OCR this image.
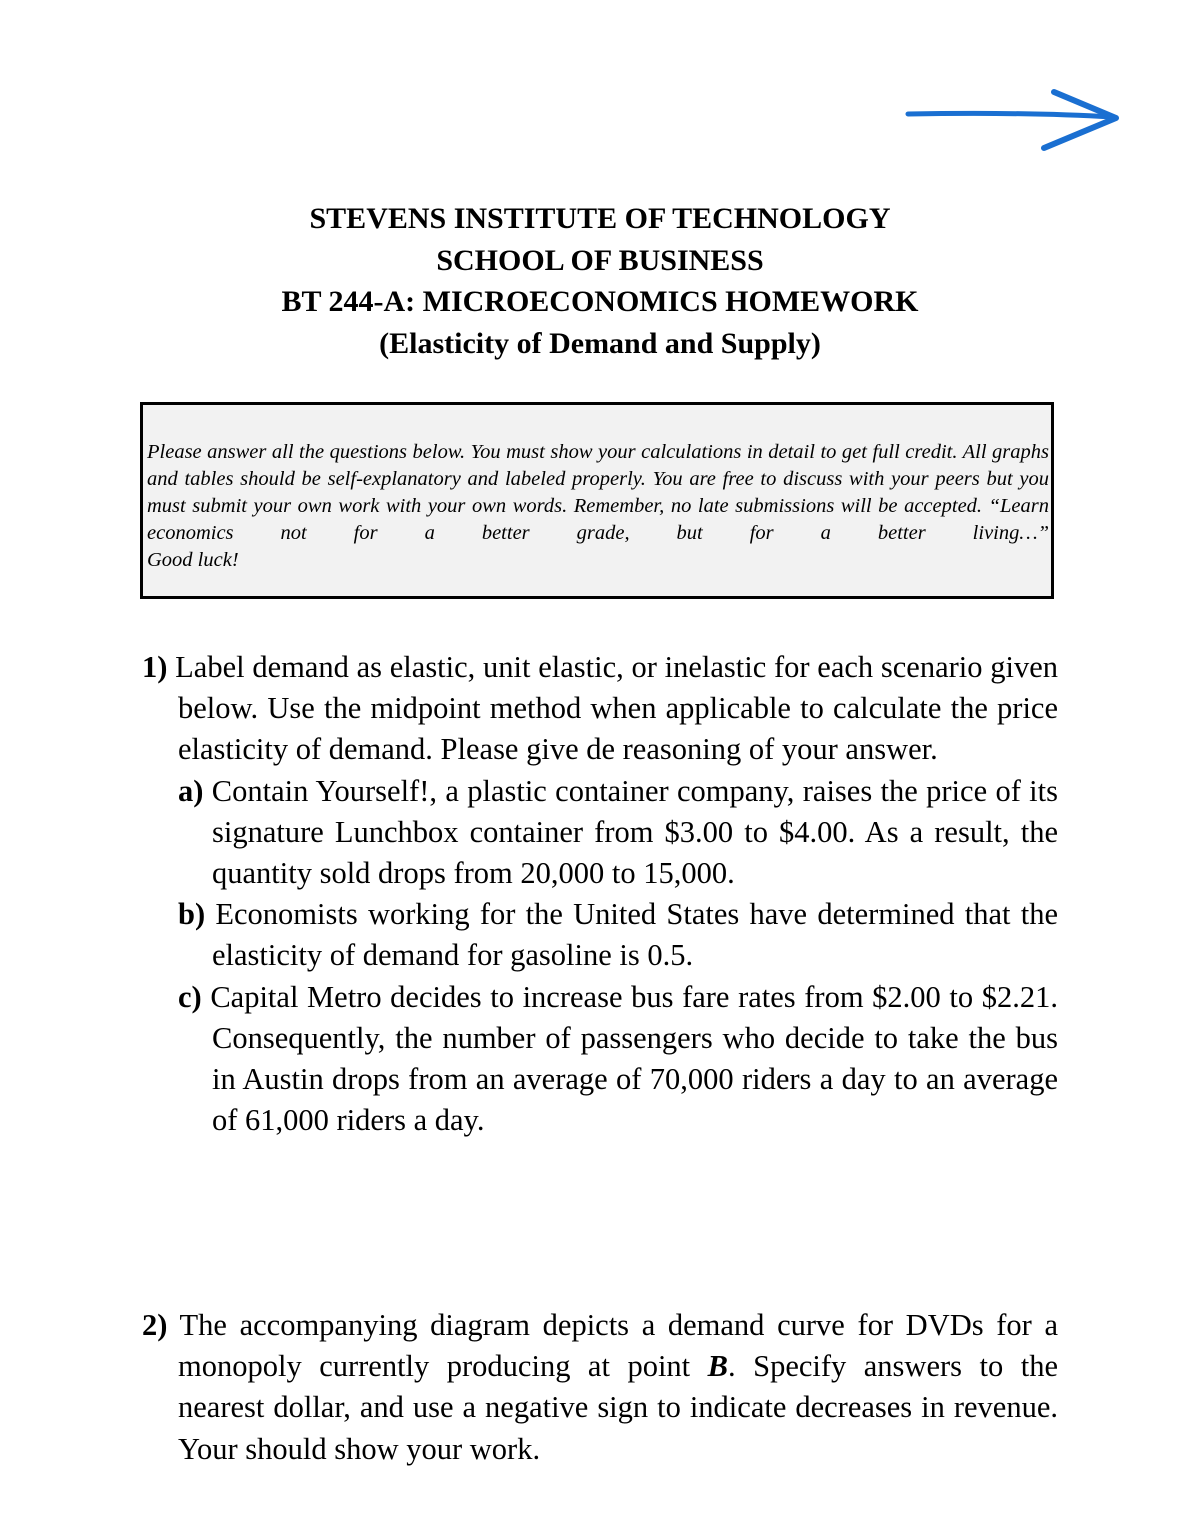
STEVENS INSTITUTE OF TECHNOLOGY
SCHOOL OF BUSINESS
BT 244-A: MICROECONOMICS HOMEWORK
(Elasticity of Demand and Supply)
Please answer all the questions below. You must show your calculations in detail to get full credit. All graphs and tables should be self-explanatory and labeled properly. You are free to discuss with your peers but you must submit your own work with your own words. Remember, no late submissions will be accepted. “Learn economics not for a better grade, but for a better living…”
Good luck!
1) Label demand as elastic, unit elastic, or inelastic for each scenario given below. Use the midpoint method when applicable to calculate the price elasticity of demand. Please give de reasoning of your answer.
a) Contain Yourself!, a plastic container company, raises the price of its signature Lunchbox container from $3.00 to $4.00. As a result, the quantity sold drops from 20,000 to 15,000.
b) Economists working for the United States have determined that the elasticity of demand for gasoline is 0.5.
c) Capital Metro decides to increase bus fare rates from $2.00 to $2.21. Consequently, the number of passengers who decide to take the bus in Austin drops from an average of 70,000 riders a day to an average of 61,000 riders a day.
2) The accompanying diagram depicts a demand curve for DVDs for a monopoly currently producing at point B. Specify answers to the nearest dollar, and use a negative sign to indicate decreases in revenue. Your should show your work.
